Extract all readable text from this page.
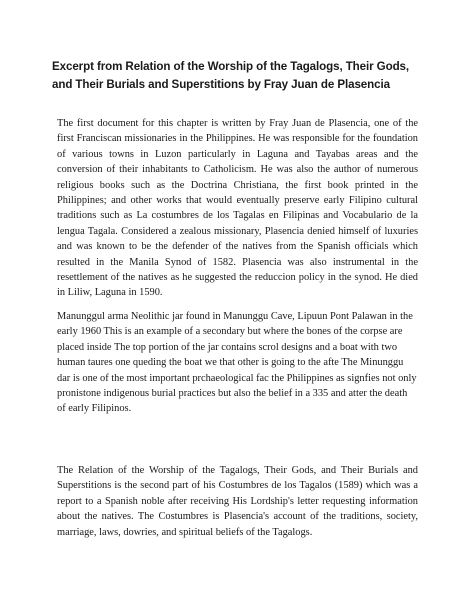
Excerpt from Relation of the Worship of the Tagalogs, Their Gods, and Their Burials and Superstitions by Fray Juan de Plasencia

The first document for this chapter is written by Fray Juan de Plasencia, one of the first Franciscan missionaries in the Philippines. He was responsible for the foundation of various towns in Luzon particularly in Laguna and Tayabas areas and the conversion of their inhabitants to Catholicism. He was also the author of numerous religious books such as the Doctrina Christiana, the first book printed in the Philippines; and other works that would eventually preserve early Filipino cultural traditions such as La costumbres de los Tagalas en Filipinas and Vocabulario de la lengua Tagala. Considered a zealous missionary, Plasencia denied himself of luxuries and was known to be the defender of the natives from the Spanish officials which resulted in the Manila Synod of 1582. Plasencia was also instrumental in the resettlement of the natives as he suggested the reduccion policy in the synod. He died in Liliw, Laguna in 1590.

Manunggul arma Neolithic jar found in Manunggu Cave, Lipuun Pont Palawan in the early 1960 This is an example of a secondary but where the bones of the corpse are placed inside The top portion of the jar contains scrol designs and a boat with two human taures one queding the boat we that other is going to the afte The Minunggu dar is one of the most important prchaeological fac the Philippines as signfies not only pronistone indigenous burial practices but also the belief in a 335 and atter the death of early Filipinos.

The Relation of the Worship of the Tagalogs, Their Gods, and Their Burials and Superstitions is the second part of his Costumbres de los Tagalos (1589) which was a report to a Spanish noble after receiving His Lordship's letter requesting information about the natives. The Costumbres is Plasencia's account of the traditions, society, marriage, laws, dowries, and spiritual beliefs of the Tagalogs.
